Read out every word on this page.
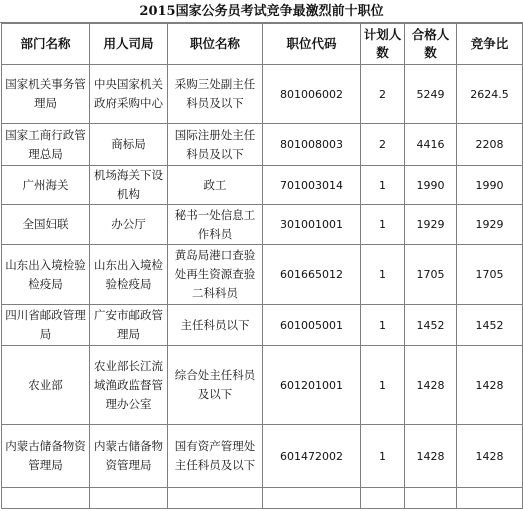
2015国家公务员考试竞争最激烈前十职位
部门名称	用人司局	职位名称	职位代码	计划人数	合格人数	竞争比
国家机关事务管理局	中央国家机关政府采购中心	采购三处副主任科员及以下	801006002	2	5249	2624.5
国家工商行政管理总局	商标局	国际注册处主任科员及以下	801008003	2	4416	2208
广州海关	机场海关下设机构	政工	701003014	1	1990	1990
全国妇联	办公厅	秘书一处信息工作科员	301001001	1	1929	1929
山东出入境检验检疫局	山东出入境检验检疫局	黄岛局港口查验处再生资源查验二科科员	601665012	1	1705	1705
四川省邮政管理局	广安市邮政管理局	主任科员以下	601005001	1	1452	1452
农业部	农业部长江流域渔政监督管理办公室	综合处主任科员及以下	601201001	1	1428	1428
内蒙古储备物资管理局	内蒙古储备物资管理局	国有资产管理处主任科员及以下	601472002	1	1428	1428
